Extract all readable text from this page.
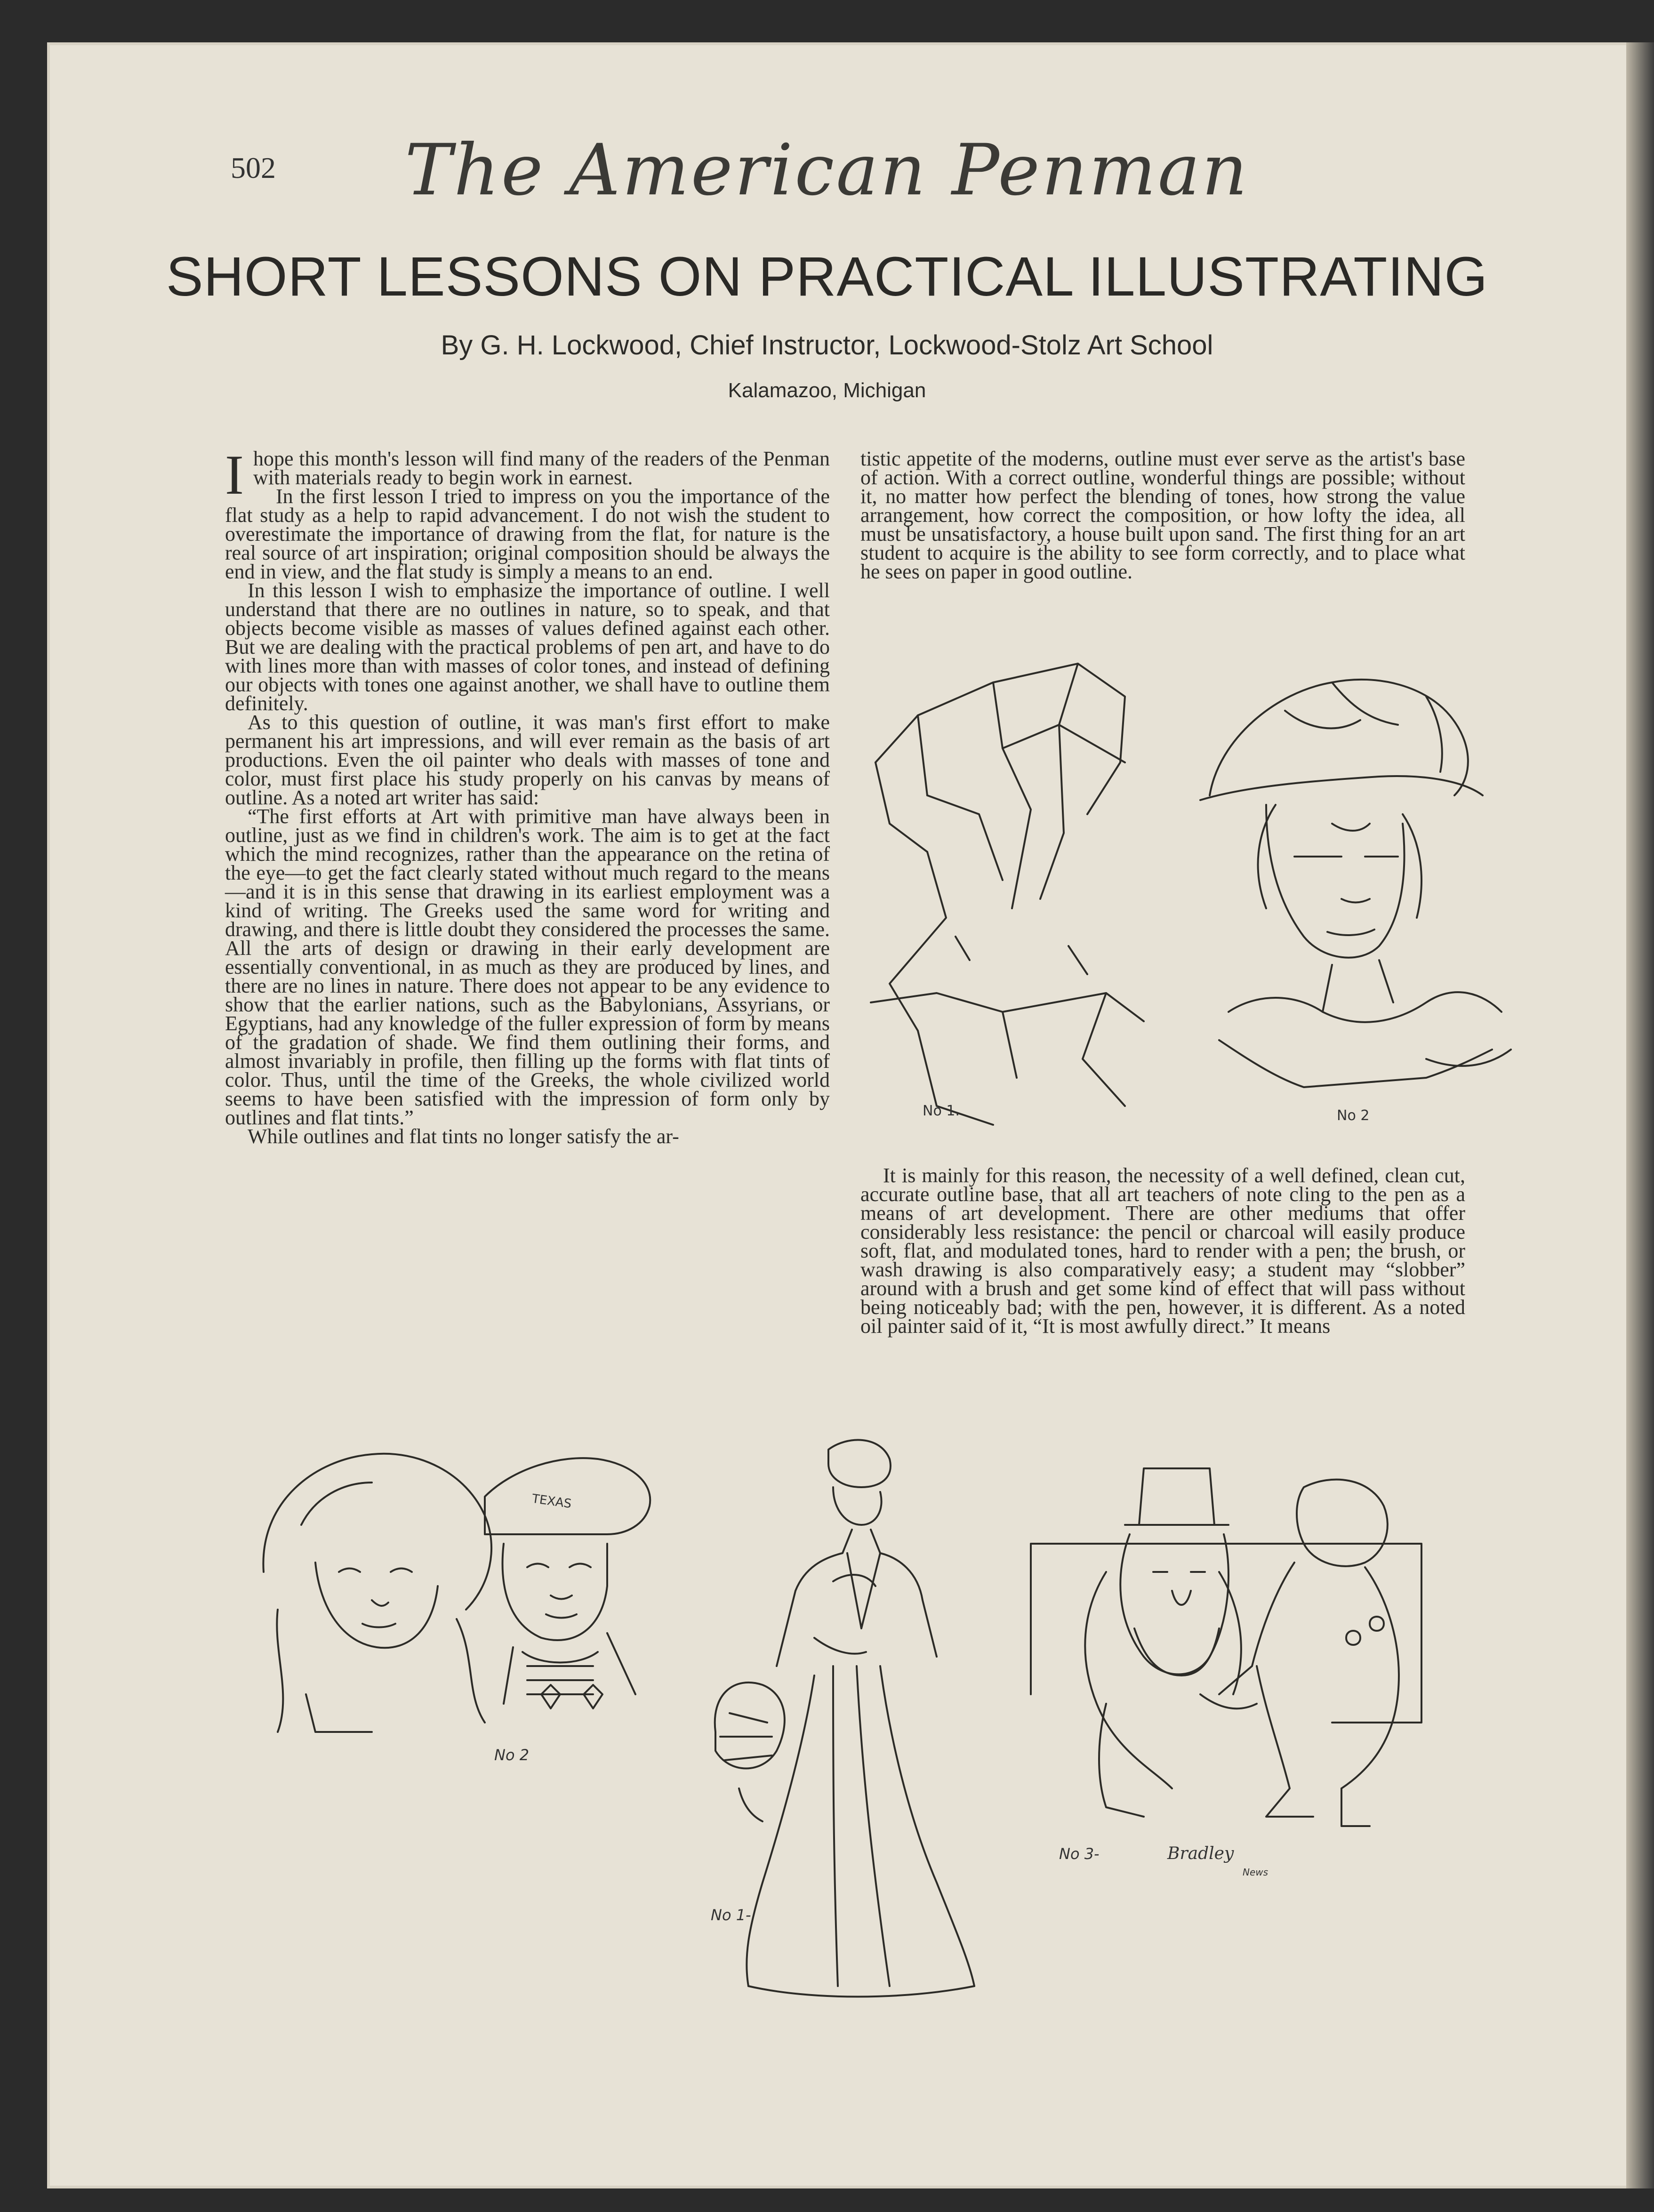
502	The American Penman
SHORT LESSONS ON PRACTICAL ILLUSTRATING
By G. H. Lockwood, Chief Instructor, Lockwood-Stolz Art School
Kalamazoo, Michigan

I hope this month's lesson will find many of the readers of the Penman with materials ready to begin work in earnest.

In the first lesson I tried to impress on you the importance of the flat study as a help to rapid advancement. I do not wish the student to overestimate the importance of drawing from the flat, for nature is the real source of art inspiration; original composition should be always the end in view, and the flat study is simply a means to an end.

In this lesson I wish to emphasize the importance of outline. I well understand that there are no outlines in nature, so to speak, and that objects become visible as masses of values defined against each other. But we are dealing with the practical problems of pen art, and have to do with lines more than with masses of color tones, and instead of defining our objects with tones one against another, we shall have to outline them definitely.

As to this question of outline, it was man's first effort to make permanent his art impressions, and will ever remain as the basis of art productions. Even the oil painter who deals with masses of tone and color, must first place his study properly on his canvas by means of outline. As a noted art writer has said:

“The first efforts at Art with primitive man have always been in outline, just as we find in children's work. The aim is to get at the fact which the mind recognizes, rather than the appearance on the retina of the eye—to get the fact clearly stated without much regard to the means—and it is in this sense that drawing in its earliest employment was a kind of writing. The Greeks used the same word for writing and drawing, and there is little doubt they considered the processes the same. All the arts of design or drawing in their early development are essentially conventional, in as much as they are produced by lines, and there are no lines in nature. There does not appear to be any evidence to show that the earlier nations, such as the Babylonians, Assyrians, or Egyptians, had any knowledge of the fuller expression of form by means of the gradation of shade. We find them outlining their forms, and almost invariably in profile, then filling up the forms with flat tints of color. Thus, until the time of the Greeks, the whole civilized world seems to have been satisfied with the impression of form only by outlines and flat tints.”

While outlines and flat tints no longer satisfy the ar-

tistic appetite of the moderns, outline must ever serve as the artist's base of action. With a correct outline, wonderful things are possible; without it, no matter how perfect the blending of tones, how strong the value arrangement, how correct the composition, or how lofty the idea, all must be unsatisfactory, a house built upon sand. The first thing for an art student to acquire is the ability to see form correctly, and to place what he sees on paper in good outline.

No 1.	No 2

It is mainly for this reason, the necessity of a well defined, clean cut, accurate outline base, that all art teachers of note cling to the pen as a means of art development. There are other mediums that offer considerably less resistance: the pencil or charcoal will easily produce soft, flat, and modulated tones, hard to render with a pen; the brush, or wash drawing is also comparatively easy; a student may “slobber” around with a brush and get some kind of effect that will pass without being noticeably bad; with the pen, however, it is different. As a noted oil painter said of it, “It is most awfully direct.” It means

TEXAS
No 2
No 1-
No 3-	Bradley
News
